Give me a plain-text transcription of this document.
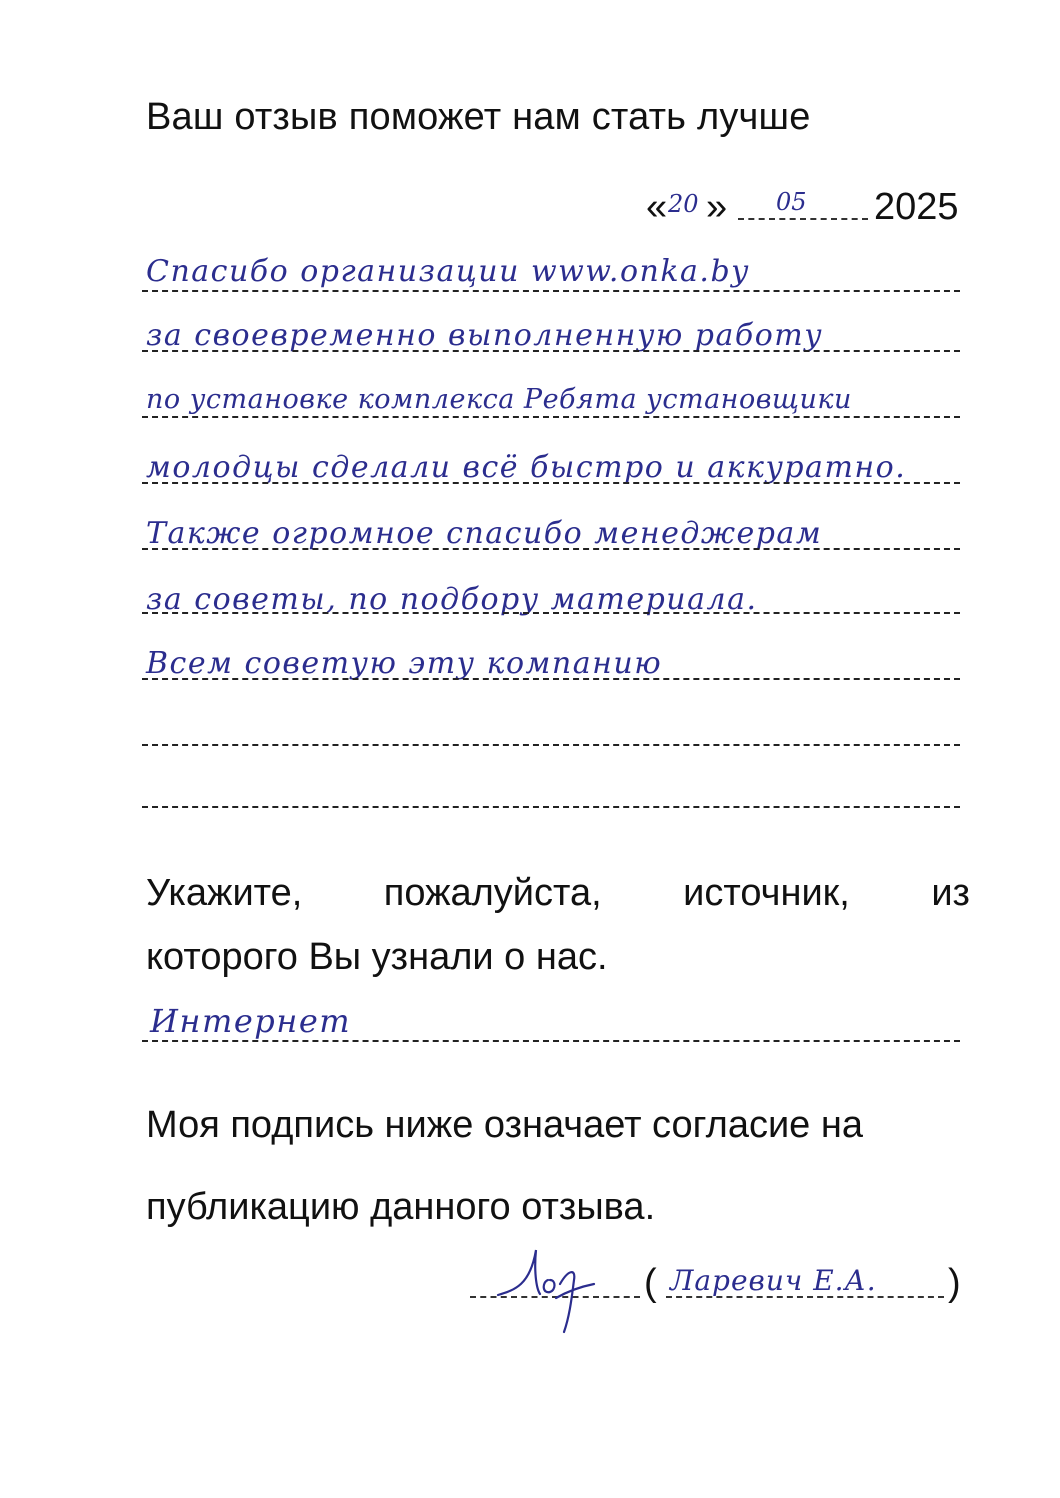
Ваш отзыв поможет нам стать лучше
« 20 » 05 2025
Спасибо организации www.onka.by
за своевременно выполненную работу
по установке комплекса Ребята установщики
молодцы сделали всё быстро и аккуратно.
Также огромное спасибо менеджерам
за советы, по подбору материала.
Всем советую эту компанию
Укажите, пожалуйста, источник, из
которого Вы узнали о нас.
Интернет
Моя подпись ниже означает согласие на
публикацию данного отзыва.
( Ларевич Е.А. )
